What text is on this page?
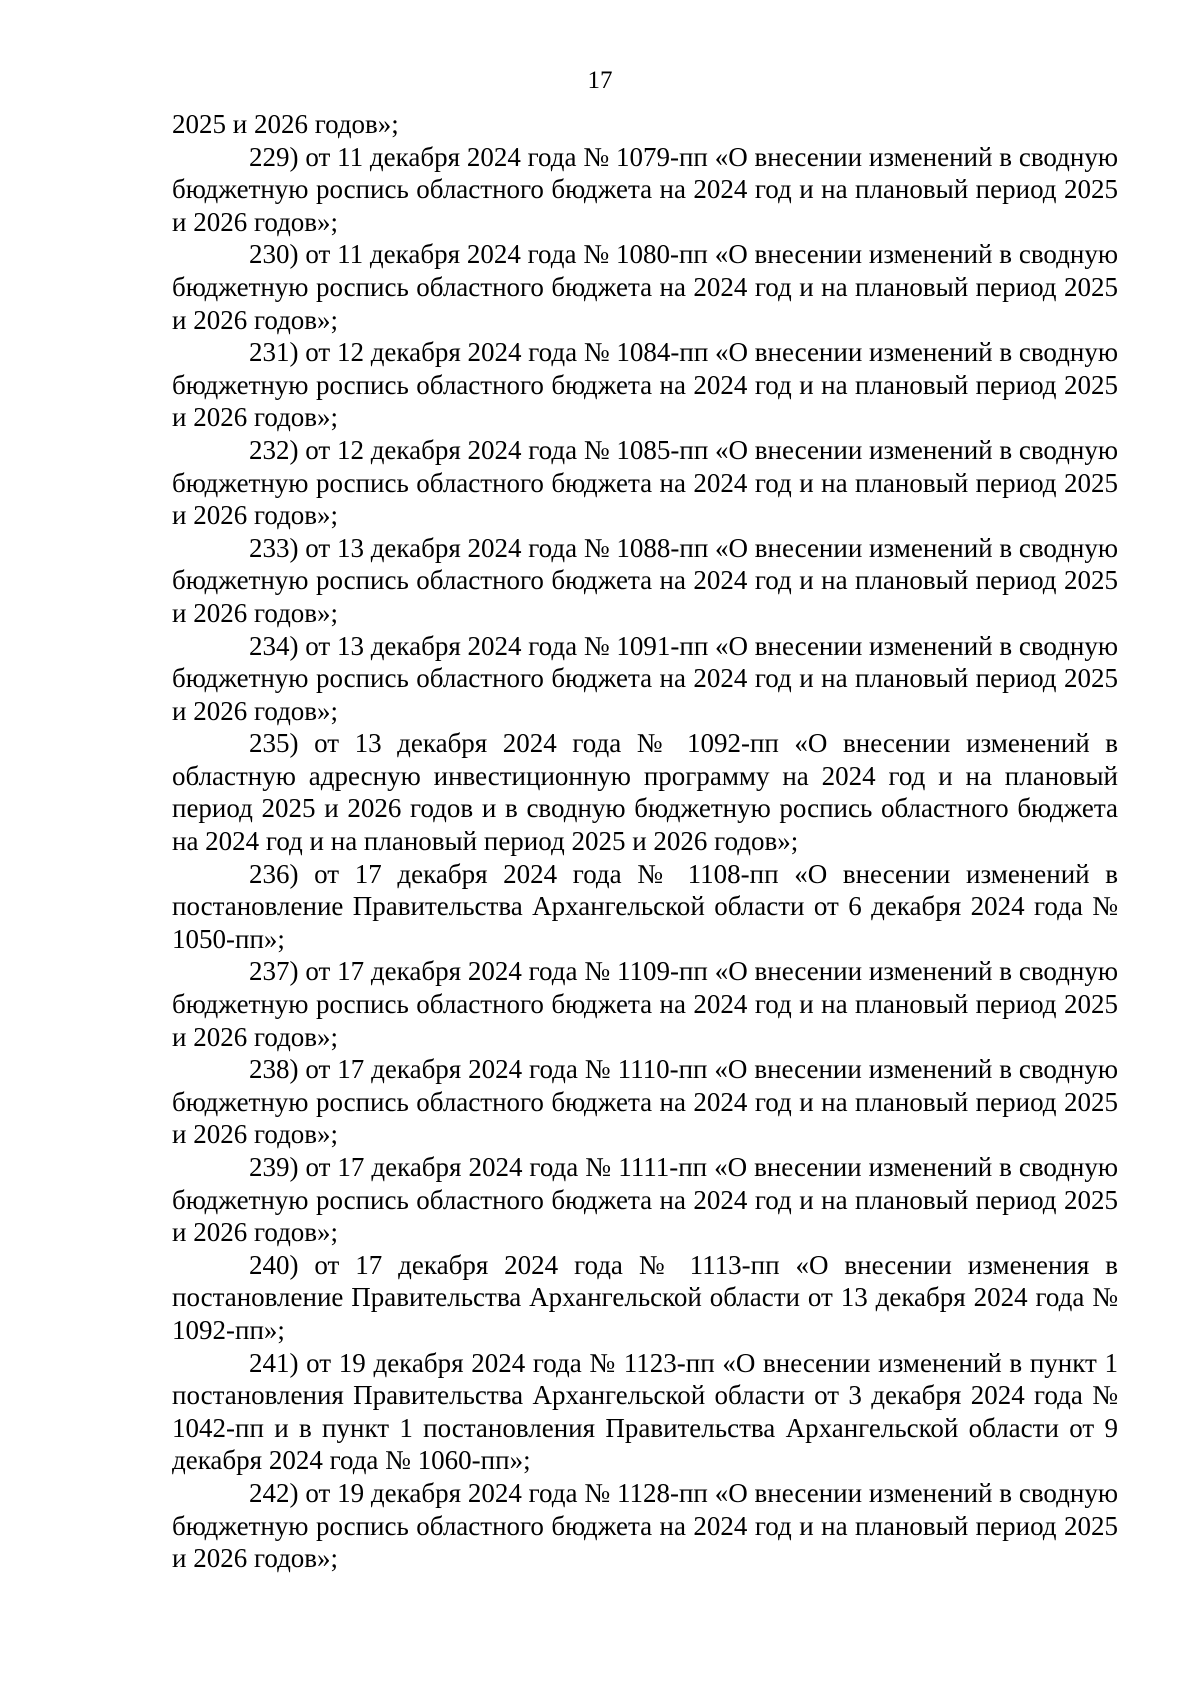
17

2025 и 2026 годов»;

229) от 11 декабря 2024 года № 1079-пп «О внесении изменений в сводную бюджетную роспись областного бюджета на 2024 год и на плановый период 2025 и 2026 годов»;

230) от 11 декабря 2024 года № 1080-пп «О внесении изменений в сводную бюджетную роспись областного бюджета на 2024 год и на плановый период 2025 и 2026 годов»;

231) от 12 декабря 2024 года № 1084-пп «О внесении изменений в сводную бюджетную роспись областного бюджета на 2024 год и на плановый период 2025 и 2026 годов»;

232) от 12 декабря 2024 года № 1085-пп «О внесении изменений в сводную бюджетную роспись областного бюджета на 2024 год и на плановый период 2025 и 2026 годов»;

233) от 13 декабря 2024 года № 1088-пп «О внесении изменений в сводную бюджетную роспись областного бюджета на 2024 год и на плановый период 2025 и 2026 годов»;

234) от 13 декабря 2024 года № 1091-пп «О внесении изменений в сводную бюджетную роспись областного бюджета на 2024 год и на плановый период 2025 и 2026 годов»;

235) от 13 декабря 2024 года № 1092-пп «О внесении изменений в областную адресную инвестиционную программу на 2024 год и на плановый период 2025 и 2026 годов и в сводную бюджетную роспись областного бюджета на 2024 год и на плановый период 2025 и 2026 годов»;

236) от 17 декабря 2024 года № 1108-пп «О внесении изменений в постановление Правительства Архангельской области от 6 декабря 2024 года № 1050-пп»;

237) от 17 декабря 2024 года № 1109-пп «О внесении изменений в сводную бюджетную роспись областного бюджета на 2024 год и на плановый период 2025 и 2026 годов»;

238) от 17 декабря 2024 года № 1110-пп «О внесении изменений в сводную бюджетную роспись областного бюджета на 2024 год и на плановый период 2025 и 2026 годов»;

239) от 17 декабря 2024 года № 1111-пп «О внесении изменений в сводную бюджетную роспись областного бюджета на 2024 год и на плановый период 2025 и 2026 годов»;

240) от 17 декабря 2024 года № 1113-пп «О внесении изменения в постановление Правительства Архангельской области от 13 декабря 2024 года № 1092-пп»;

241) от 19 декабря 2024 года № 1123-пп «О внесении изменений в пункт 1 постановления Правительства Архангельской области от 3 декабря 2024 года № 1042-пп и в пункт 1 постановления Правительства Архангельской области от 9 декабря 2024 года № 1060-пп»;

242) от 19 декабря 2024 года № 1128-пп «О внесении изменений в сводную бюджетную роспись областного бюджета на 2024 год и на плановый период 2025 и 2026 годов»;
